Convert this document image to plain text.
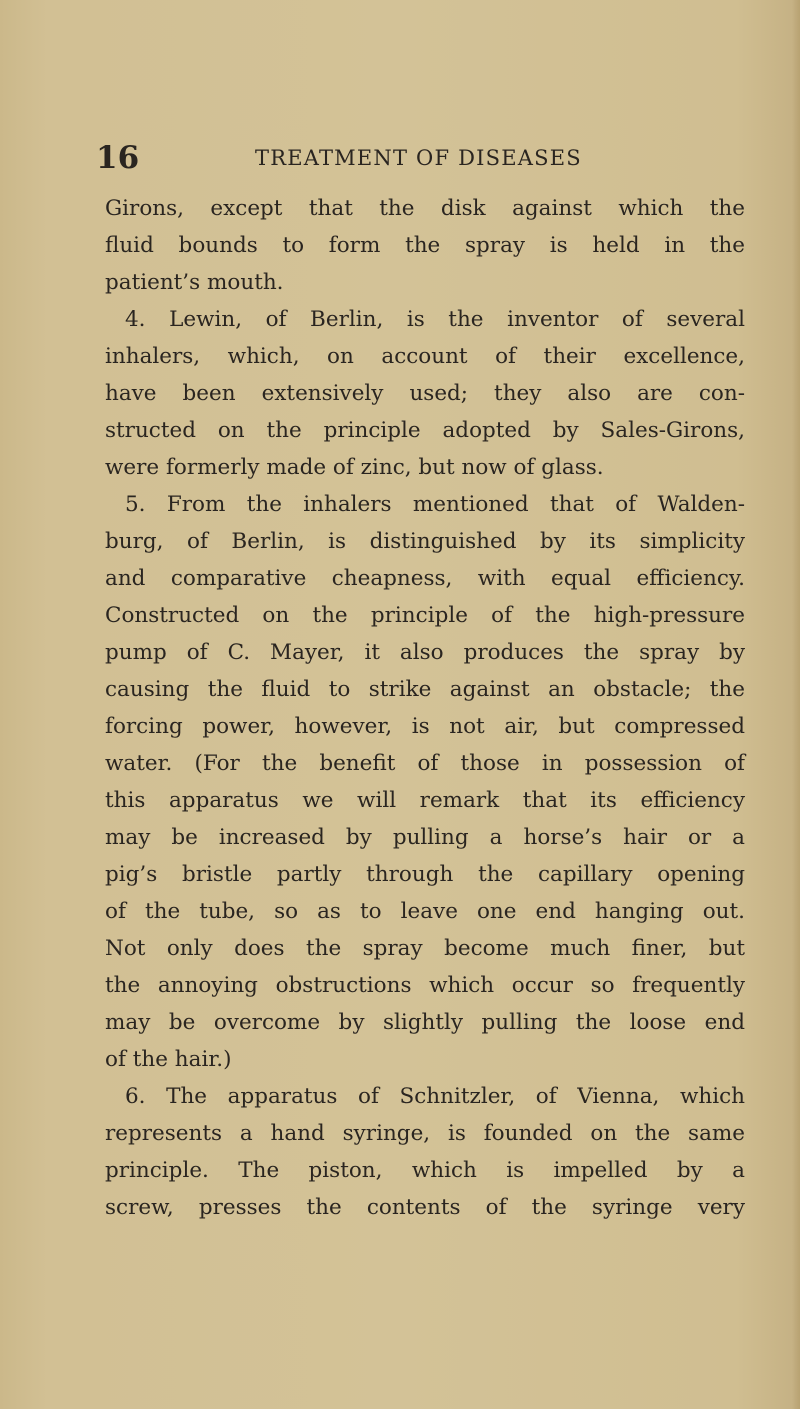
16	TREATMENT OF DISEASES
Girons, except that the disk against which the
fluid bounds to form the spray is held in the
patient’s mouth.
4. Lewin, of Berlin, is the inventor of several
inhalers, which, on account of their excellence,
have been extensively used; they also are con-
structed on the principle adopted by Sales-Girons,
were formerly made of zinc, but now of glass.
5. From the inhalers mentioned that of Walden-
burg, of Berlin, is distinguished by its simplicity
and comparative cheapness, with equal efficiency.
Constructed on the principle of the high-pressure
pump of C. Mayer, it also produces the spray by
causing the fluid to strike against an obstacle; the
forcing power, however, is not air, but compressed
water. (For the benefit of those in possession of
this apparatus we will remark that its efficiency
may be increased by pulling a horse’s hair or a
pig’s bristle partly through the capillary opening
of the tube, so as to leave one end hanging out.
Not only does the spray become much finer, but
the annoying obstructions which occur so frequently
may be overcome by slightly pulling the loose end
of the hair.)
6. The apparatus of Schnitzler, of Vienna, which
represents a hand syringe, is founded on the same
principle. The piston, which is impelled by a
screw, presses the contents of the syringe very
